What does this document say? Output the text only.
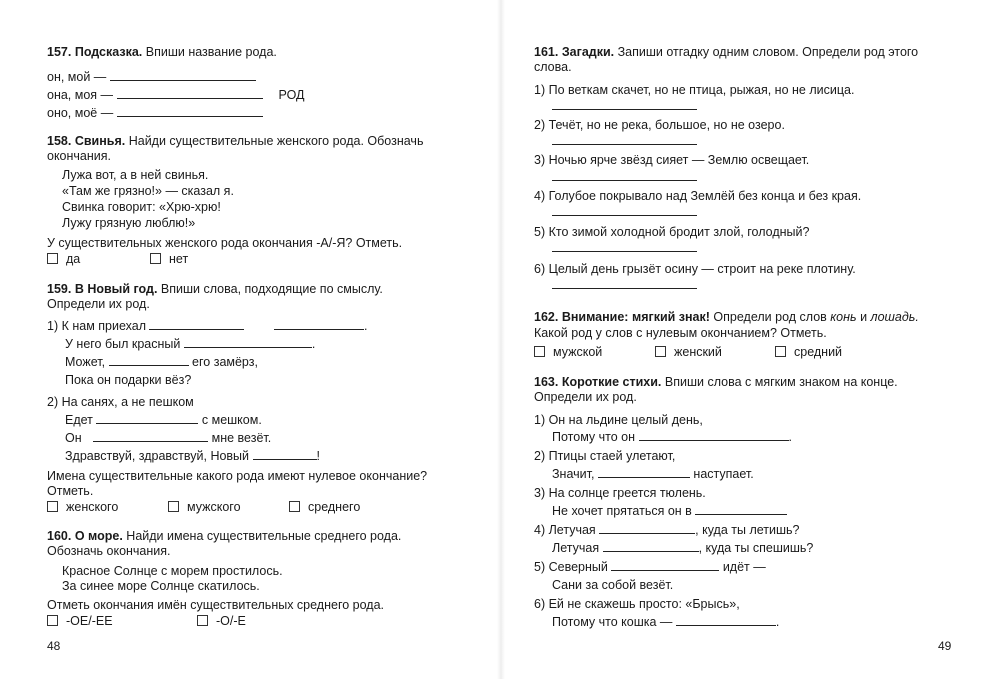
157. Подсказка. Впиши название рода.
он, мой —
она, моя —	РОД
оно, моё —
158. Свинья. Найди существительные женского рода. Обозначь
окончания.
Лужа вот, а в ней свинья.
«Там же грязно!» — сказал я.
Свинка говорит: «Хрю-хрю!
Лужу грязную люблю!»
У существительных женского рода окончания -А/-Я? Отметь.
да	нет
159. В Новый год. Впиши слова, подходящие по смыслу.
Определи их род.
1) К нам приехал	.
У него был красный	.
Может,	его замёрз,
Пока он подарки вёз?
2) На санях, а не пешком
Едет	с мешком.
Он	мне везёт.
Здравствуй, здравствуй, Новый	!
Имена существительные какого рода имеют нулевое окончание?
Отметь.
женского	мужского	среднего
160. О море. Найди имена существительные среднего рода.
Обозначь окончания.
Красное Солнце с морем простилось.
За синее море Солнце скатилось.
Отметь окончания имён существительных среднего рода.
-ОЕ/-ЕЕ	-О/-Е
48
161. Загадки. Запиши отгадку одним словом. Определи род этого
слова.
1) По веткам скачет, но не птица, рыжая, но не лисица.
2) Течёт, но не река, большое, но не озеро.
3) Ночью ярче звёзд сияет — Землю освещает.
4) Голубое покрывало над Землёй без конца и без края.
5) Кто зимой холодной бродит злой, голодный?
6) Целый день грызёт осину — строит на реке плотину.
162. Внимание: мягкий знак! Определи род слов конь и лошадь.
Какой род у слов с нулевым окончанием? Отметь.
мужской	женский	средний
163. Короткие стихи. Впиши слова с мягким знаком на конце.
Определи их род.
1) Он на льдине целый день,
Потому что он	.
2) Птицы стаей улетают,
Значит,	наступает.
3) На солнце греется тюлень.
Не хочет прятаться он в
4) Летучая	, куда ты летишь?
Летучая	, куда ты спешишь?
5) Северный	идёт —
Сани за собой везёт.
6) Ей не скажешь просто: «Брысь»,
Потому что кошка —	.
49
